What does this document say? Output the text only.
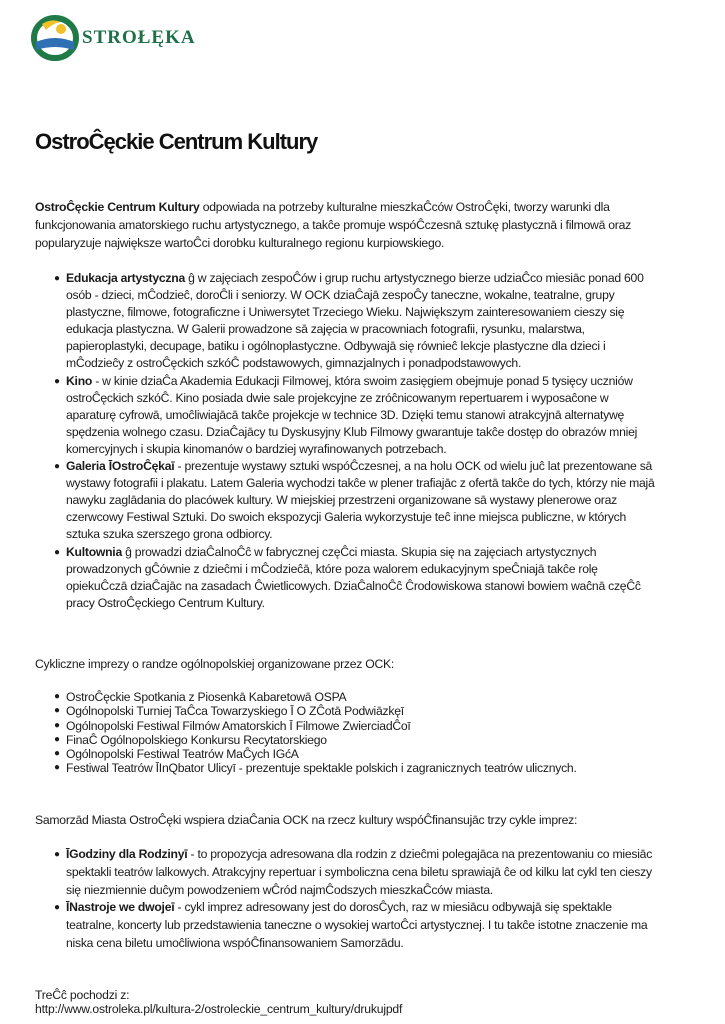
STROŁĘKA
OstroĈęckie Centrum Kultury

OstroĈęckie Centrum Kultury odpowiada na potrzeby kulturalne mieszkaĈców OstroĈęki, tworzy warunki dla funkcjonowania amatorskiego ruchu artystycznego, a takĉe promuje wspóĈczesnā sztukę plastycznā i filmowā oraz popularyzuje największe wartoĈci dorobku kulturalnego regionu kurpiowskiego.

● Edukacja artystyczna ĝ w zajęciach zespoĈów i grup ruchu artystycznego bierze udziaĈco miesiāc ponad 600 osób - dzieci, mĈodzieĉ, doroĈli i seniorzy. W OCK dziaĈajā zespoĈy taneczne, wokalne, teatralne, grupy plastyczne, filmowe, fotograficzne i Uniwersytet Trzeciego Wieku. Największym zainteresowaniem cieszy się edukacja plastyczna. W Galerii prowadzone sā zajęcia w pracowniach fotografii, rysunku, malarstwa, papieroplastyki, decupage, batiku i ogólnoplastyczne. Odbywajā się równieĉ lekcje plastyczne dla dzieci i mĈodzieĉy z ostroĈęckich szkóĈ podstawowych, gimnazjalnych i ponadpodstawowych.
● Kino - w kinie dziaĈa Akademia Edukacji Filmowej, która swoim zasięgiem obejmuje ponad 5 tysięcy uczniów ostroĈęckich szkóĈ. Kino posiada dwie sale projekcyjne ze zróĉnicowanym repertuarem i wyposaĉone w aparaturę cyfrowā, umoĉliwiajācā takĉe projekcje w technice 3D. Dzięki temu stanowi atrakcyjnā alternatywę spędzenia wolnego czasu. DziaĈajācy tu Dyskusyjny Klub Filmowy gwarantuje takĉe dostęp do obrazów mniej komercyjnych i skupia kinomanów o bardziej wyrafinowanych potrzebach.
● Galeria ĪOstroĈękaī - prezentuje wystawy sztuki wspóĈczesnej, a na holu OCK od wielu juĉ lat prezentowane sā wystawy fotografii i plakatu. Latem Galeria wychodzi takĉe w plener trafiajāc z ofertā takĉe do tych, którzy nie majā nawyku zaglādania do placówek kultury. W miejskiej przestrzeni organizowane sā wystawy plenerowe oraz czerwcowy Festiwal Sztuki. Do swoich ekspozycji Galeria wykorzystuje teĉ inne miejsca publiczne, w których sztuka szuka szerszego grona odbiorcy.
● Kultownia ĝ prowadzi dziaĈalnoĈĉ w fabrycznej częĈci miasta. Skupia się na zajęciach artystycznych prowadzonych gĈównie z dzieĉmi i mĈodzieĉā, które poza walorem edukacyjnym speĈniajā takĉe rolę opiekuĈczā dziaĈajāc na zasadach Ĉwietlicowych. DziaĈalnoĈĉ Ĉrodowiskowa stanowi bowiem waĉnā częĈĉ pracy OstroĈęckiego Centrum Kultury.

Cykliczne imprezy o randze ogólnopolskiej organizowane przez OCK:

● OstroĈęckie Spotkania z Piosenkā Kabaretowā OSPA
● Ogólnopolski Turniej TaĈca Towarzyskiego Ī O ZĈotā Podwiāzkęī
● Ogólnopolski Festiwal Filmów Amatorskich Ī Filmowe ZwierciadĈoī
● FinaĈ Ogólnopolskiego Konkursu Recytatorskiego
● Ogólnopolski Festiwal Teatrów MaĈych IGćA
● Festiwal Teatrów ĪInQbator Ulicyī - prezentuje spektakle polskich i zagranicznych teatrów ulicznych.

Samorzād Miasta OstroĈęki wspiera dziaĈania OCK na rzecz kultury wspóĈfinansujāc trzy cykle imprez:

● ĪGodziny dla Rodzinyī - to propozycja adresowana dla rodzin z dzieĉmi polegajāca na prezentowaniu co miesiāc spektakli teatrów lalkowych. Atrakcyjny repertuar i symboliczna cena biletu sprawiajā ĉe od kilku lat cykl ten cieszy się niezmiennie duĉym powodzeniem wĈród najmĈodszych mieszkaĈców miasta.
● ĪNastroje we dwojeī - cykl imprez adresowany jest do dorosĈych, raz w miesiācu odbywajā się spektakle teatralne, koncerty lub przedstawienia taneczne o wysokiej wartoĈci artystycznej. I tu takĉe istotne znaczenie ma niska cena biletu umoĉliwiona wspóĈfinansowaniem Samorzādu.
TreĈĉ pochodzi z:
http://www.ostroleka.pl/kultura-2/ostroleckie_centrum_kultury/drukujpdf
